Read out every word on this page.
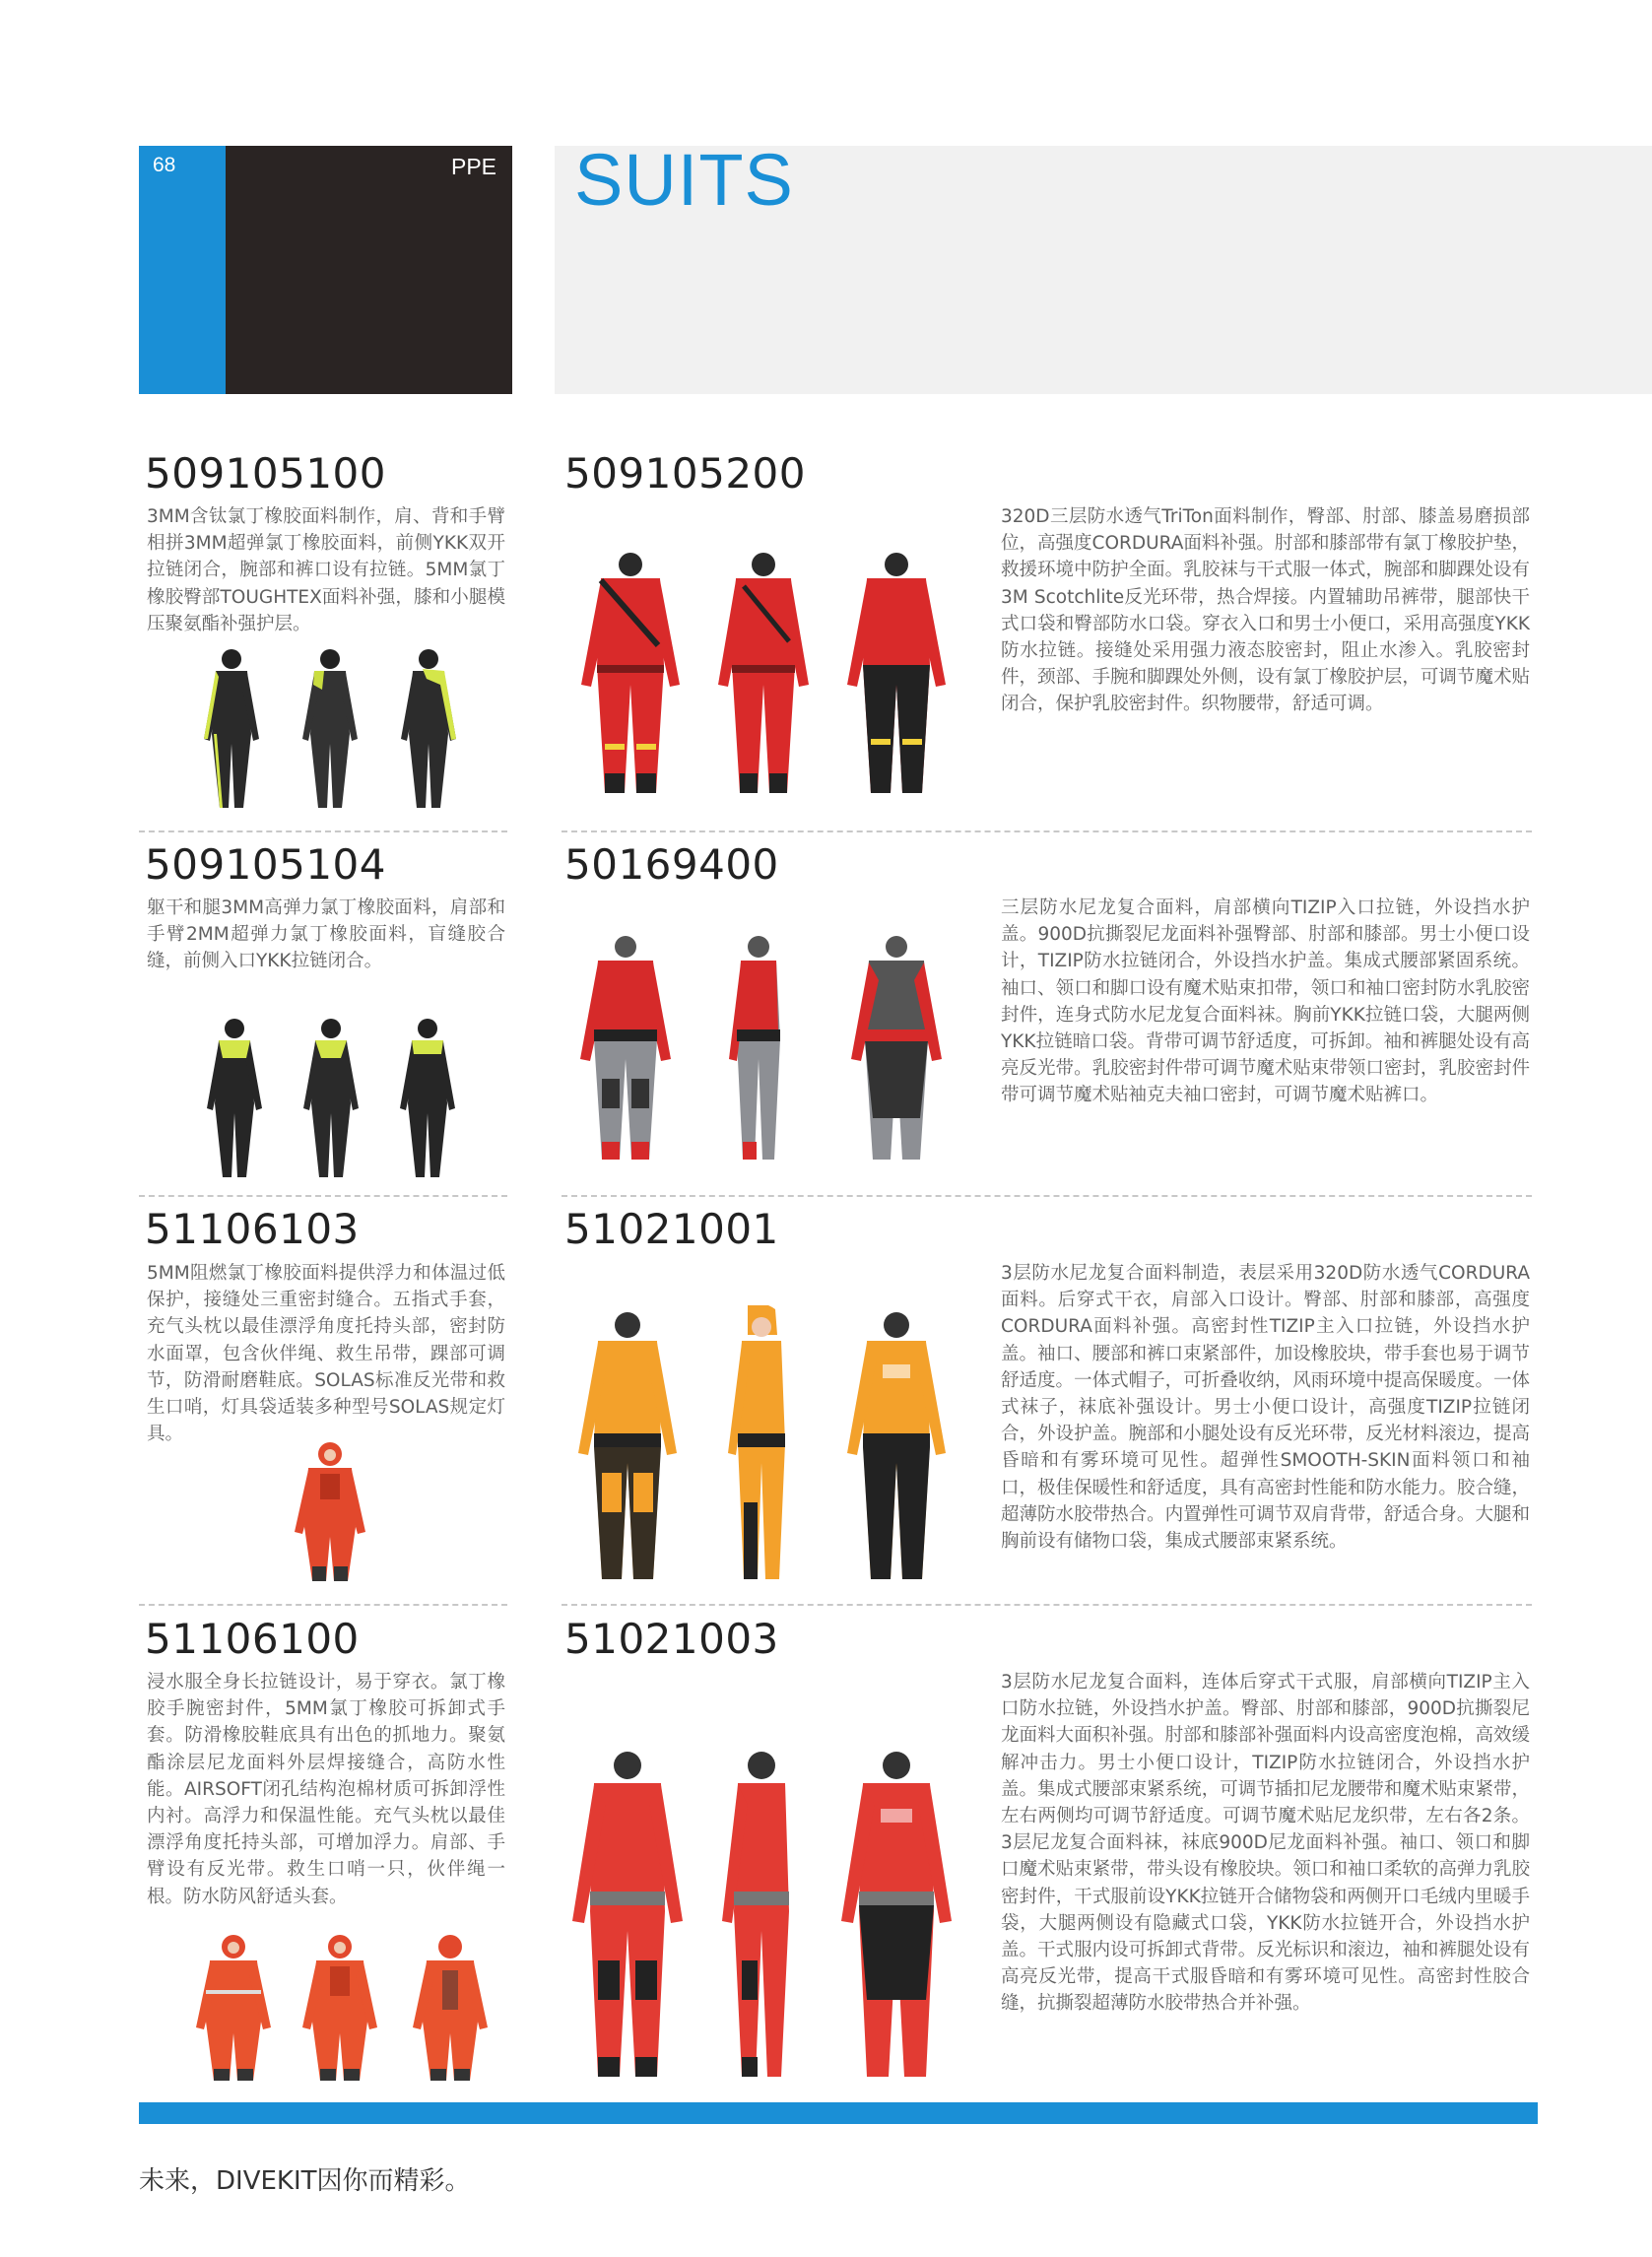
68	PPE SUITS
509105100

3MM含钛氯丁橡胶面料制作，肩、背和手臂相拼3MM超弹氯丁橡胶面料，前侧YKK双开拉链闭合，腕部和裤口设有拉链。5MM氯丁橡胶臀部TOUGHTEX面料补强，膝和小腿模压聚氨酯补强护层。

509105200

320D三层防水透气TriTon面料制作，臀部、肘部、膝盖易磨损部位，高强度CORDURA面料补强。肘部和膝部带有氯丁橡胶护垫，救援环境中防护全面。乳胶袜与干式服一体式，腕部和脚踝处设有3M Scotchlite反光环带，热合焊接。内置辅助吊裤带，腿部快干式口袋和臀部防水口袋。穿衣入口和男士小便口，采用高强度YKK防水拉链。接缝处采用强力液态胶密封，阻止水渗入。乳胶密封件，颈部、手腕和脚踝处外侧，设有氯丁橡胶护层，可调节魔术贴闭合，保护乳胶密封件。织物腰带，舒适可调。

509105104

躯干和腿3MM高弹力氯丁橡胶面料，肩部和手臂2MM超弹力氯丁橡胶面料，盲缝胶合缝，前侧入口YKK拉链闭合。

50169400

三层防水尼龙复合面料，肩部横向TIZIP入口拉链，外设挡水护盖。900D抗撕裂尼龙面料补强臀部、肘部和膝部。男士小便口设计，TIZIP防水拉链闭合，外设挡水护盖。集成式腰部紧固系统。袖口、领口和脚口设有魔术贴束扣带，领口和袖口密封防水乳胶密封件，连身式防水尼龙复合面料袜。胸前YKK拉链口袋，大腿两侧YKK拉链暗口袋。背带可调节舒适度，可拆卸。袖和裤腿处设有高亮反光带。乳胶密封件带可调节魔术贴束带领口密封，乳胶密封件带可调节魔术贴袖克夫袖口密封，可调节魔术贴裤口。

51106103

5MM阻燃氯丁橡胶面料提供浮力和体温过低保护，接缝处三重密封缝合。五指式手套，充气头枕以最佳漂浮角度托持头部，密封防水面罩，包含伙伴绳、救生吊带，踝部可调节，防滑耐磨鞋底。SOLAS标准反光带和救生口哨，灯具袋适装多种型号SOLAS规定灯具。

51021001

3层防水尼龙复合面料制造，表层采用320D防水透气CORDURA面料。后穿式干衣，肩部入口设计。臀部、肘部和膝部，高强度CORDURA面料补强。高密封性TIZIP主入口拉链，外设挡水护盖。袖口、腰部和裤口束紧部件，加设橡胶块，带手套也易于调节舒适度。一体式帽子，可折叠收纳，风雨环境中提高保暖度。一体式袜子，袜底补强设计。男士小便口设计，高强度TIZIP拉链闭合，外设护盖。腕部和小腿处设有反光环带，反光材料滚边，提高昏暗和有雾环境可见性。超弹性SMOOTH-SKIN面料领口和袖口，极佳保暖性和舒适度，具有高密封性能和防水能力。胶合缝，超薄防水胶带热合。内置弹性可调节双肩背带，舒适合身。大腿和胸前设有储物口袋，集成式腰部束紧系统。

51106100

浸水服全身长拉链设计，易于穿衣。氯丁橡胶手腕密封件，5MM氯丁橡胶可拆卸式手套。防滑橡胶鞋底具有出色的抓地力。聚氨酯涂层尼龙面料外层焊接缝合，高防水性能。AIRSOFT闭孔结构泡棉材质可拆卸浮性内衬。高浮力和保温性能。充气头枕以最佳漂浮角度托持头部，可增加浮力。肩部、手臂设有反光带。救生口哨一只，伙伴绳一根。防水防风舒适头套。

51021003

3层防水尼龙复合面料，连体后穿式干式服，肩部横向TIZIP主入口防水拉链，外设挡水护盖。臀部、肘部和膝部，900D抗撕裂尼龙面料大面积补强。肘部和膝部补强面料内设高密度泡棉，高效缓解冲击力。男士小便口设计，TIZIP防水拉链闭合，外设挡水护盖。集成式腰部束紧系统，可调节插扣尼龙腰带和魔术贴束紧带，左右两侧均可调节舒适度。可调节魔术贴尼龙织带，左右各2条。3层尼龙复合面料袜，袜底900D尼龙面料补强。袖口、领口和脚口魔术贴束紧带，带头设有橡胶块。领口和袖口柔软的高弹力乳胶密封件，干式服前设YKK拉链开合储物袋和两侧开口毛绒内里暖手袋，大腿两侧设有隐藏式口袋，YKK防水拉链开合，外设挡水护盖。干式服内设可拆卸式背带。反光标识和滚边，袖和裤腿处设有高亮反光带，提高干式服昏暗和有雾环境可见性。高密封性胶合缝，抗撕裂超薄防水胶带热合并补强。

未来，DIVEKIT因你而精彩。
